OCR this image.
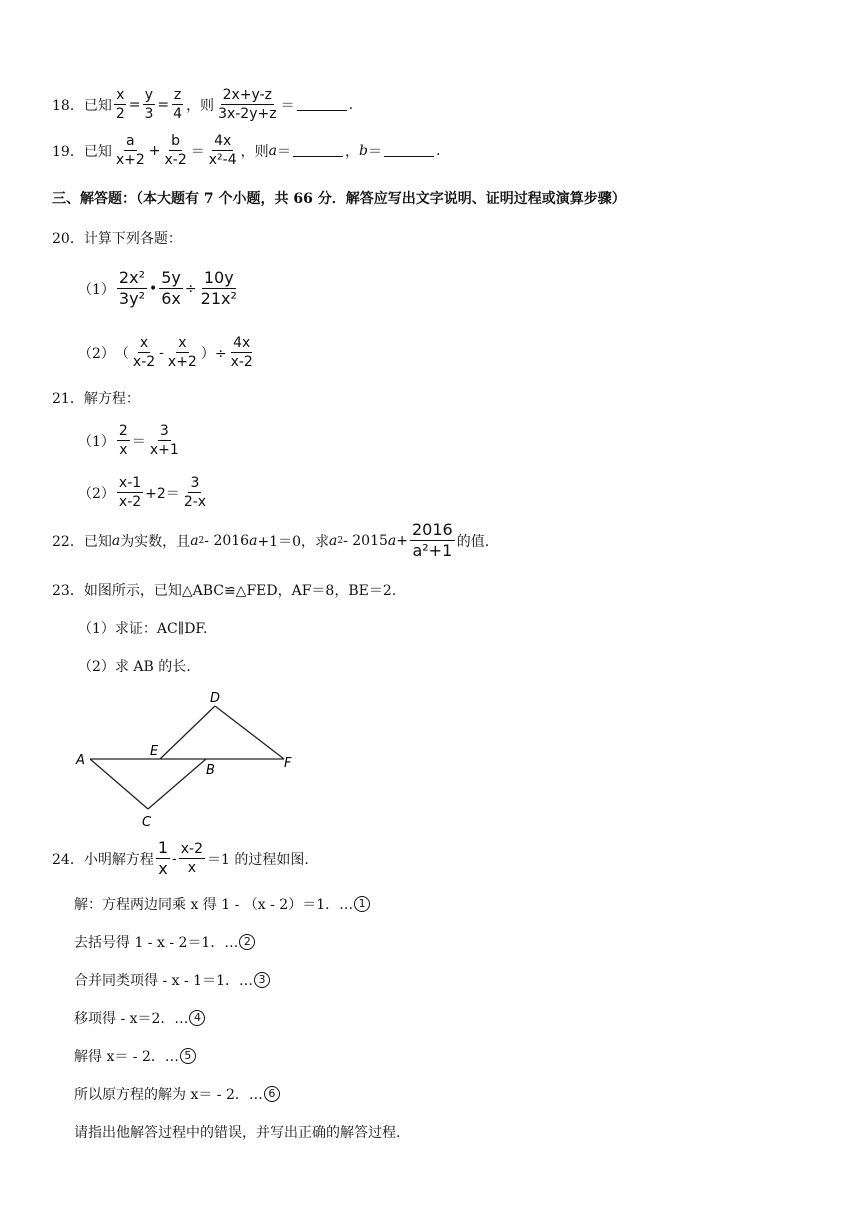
18． 已知 $\frac{x}{2} = \frac{y}{3} = \frac{z}{4}$ ，则 $\frac{2x+y-z}{3x-2y+z}$ ＝	.
19． 已知 $\frac{a}{x+2} + \frac{b}{x-2} = \frac{4x}{\text{x²-4}}$ ，则 a ＝	， b ＝	.
三、解答题：（本大题有 7 个小题，共 66 分．解答应写出文字说明、证明过程或演算步骤）
20．计算下列各题：
$(1) \frac{\text{2x²}}{\text{3y²}}$ • $\frac{5y}{6x} \div \frac{10y}{\text{21x²}}$
（2） （ $\frac{x}{x-2} - \frac{x}{x+2}$ ）÷ $\frac{4x}{x-2}$
21．解方程：
$(1) \frac{2}{x} = \frac{3}{x+1}$
$(2) \frac{x-1}{x-2} +2= \frac{3}{2-x}$
22． 已知 a 为实数，且 a 2 - 2016 a +1＝0，求 a 2 - 2015 $a + \frac{2016}{\text{a²+1}}$ 的值.
23．如图所示，已知△ABC≌△FED，AF＝8，BE＝2.
（1）求证：AC∥DF.
（2）求 AB 的长.
A
E
B	F
D
C
24． 小明解方程 $\frac{1}{x} - \frac{x-2}{x} =1$ 的过程如图.
解：方程两边同乘 x 得 1 - （x - 2）＝1．… 1
去括号得 1 - x - 2＝1．… 2
合并同类项得 - x - 1＝1．… 3
移项得 - x＝2．… 4
解得 x＝ - 2．… 5
所以原方程的解为 x＝ - 2．… 6
请指出他解答过程中的错误，并写出正确的解答过程.
